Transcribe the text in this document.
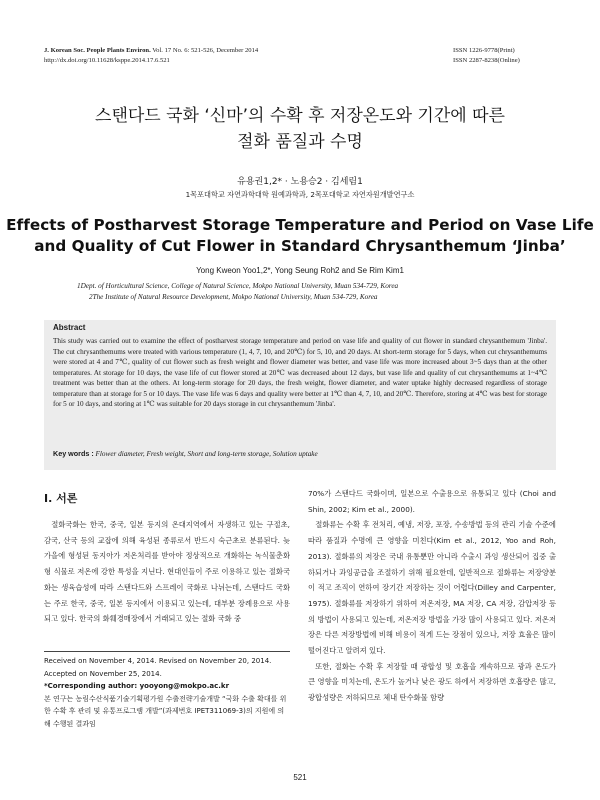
J. Korean Soc. People Plants Environ. Vol. 17 No. 6: 521-526, December 2014
http://dx.doi.org/10.11628/ksppe.2014.17.6.521
ISSN 1226-9778(Print)
ISSN 2287-8238(Online)
스탠다드 국화 ‘신마’의 수확 후 저장온도와 기간에 따른
절화 품질과 수명
유용권1,2* · 노용승2 · 김세림1
1목포대학교 자연과학대학 원예과학과, 2목포대학교 자연자원개발연구소
Effects of Postharvest Storage Temperature and Period on Vase Life
and Quality of Cut Flower in Standard Chrysanthemum ‘Jinba’
Yong Kweon Yoo1,2*, Yong Seung Roh2 and Se Rim Kim1
1Dept. of Horticultural Science, College of Natural Science, Mokpo National University, Muan 534-729, Korea
2The Institute of Natural Resource Development, Mokpo National University, Muan 534-729, Korea
Abstract
This study was carried out to examine the effect of postharvest storage temperature and period on vase life and quality of cut flower in standard chrysanthemum 'Jinba'. The cut chrysanthemums were treated with various temperature (1, 4, 7, 10, and 20℃) for 5, 10, and 20 days. At short-term storage for 5 days, when cut chrysanthemums were stored at 4 and 7℃, quality of cut flower such as fresh weight and flower diameter was better, and vase life was more increased about 3~5 days than at the other temperatures. At storage for 10 days, the vase life of cut flower stored at 20℃ was decreased about 12 days, but vase life and quality of cut chrysanthemums at 1~4℃ treatment was better than at the others. At long-term storage for 20 days, the fresh weight, flower diameter, and water uptake highly decreased regardless of storage temperature than at storage for 5 or 10 days. The vase life was 6 days and quality were better at 1℃ than 4, 7, 10, and 20℃. Therefore, storing at 4℃ was best for storage for 5 or 10 days, and storing at 1℃ was suitable for 20 days storage in cut chrysanthemum 'Jinba'.
Key words : Flower diameter, Fresh weight, Short and long-term storage, Solution uptake
Ⅰ. 서론

절화국화는 한국, 중국, 일본 등지의 온대지역에서 자생하고 있는 구절초, 감국, 산국 등의 교잡에 의해 육성된 종류로서 반드시 숙근초로 분류된다. 늦가을에 형성된 동지아가 저온처리를 받아야 정상적으로 개화하는 녹식물춘화형 식물로 저온에 강한 특성을 지닌다. 현대인들이 주로 이용하고 있는 절화국화는 생육습성에 따라 스탠다드와 스프레이 국화로 나뉘는데, 스탠다드 국화는 주로 한국, 중국, 일본 등지에서 이용되고 있는데, 대부분 장례용으로 사용되고 있다. 한국의 화훼경매장에서 거래되고 있는 절화 국화 중

Received on November 4, 2014. Revised on November 20, 2014. Accepted on November 25, 2014.
*Corresponding author: yooyong@mokpo.ac.kr
본 연구는 농림수산식품기술기획평가원 수출전략기술개발 “국화 수출 확대를 위한 수확 후 관리 및 유통프로그램 개발”(과제번호 IPET311069-3)의 지원에 의해 수행된 결과임

70%가 스탠다드 국화이며, 일본으로 수출용으로 유통되고 있다 (Choi and Shin, 2002; Kim et al., 2000).

절화류는 수확 후 전처리, 예냉, 저장, 포장, 수송방법 등의 관리 기술 수준에 따라 품질과 수명에 큰 영향을 미친다(Kim et al., 2012, Yoo and Roh, 2013). 절화류의 저장은 국내 유통뿐만 아니라 수출시 과잉 생산되어 집중 출하되거나 과잉공급을 조절하기 위해 필요한데, 일반적으로 절화류는 저장양분이 적고 조직이 연하여 장기간 저장하는 것이 어렵다(Dilley and Carpenter, 1975). 절화류를 저장하기 위하여 저온저장, MA 저장, CA 저장, 감압저장 등의 방법이 사용되고 있는데, 저온저장 방법을 가장 많이 사용되고 있다. 저온저장은 다른 저장방법에 비해 비용이 적게 드는 장점이 있으나, 저장 효율은 많이 떨어진다고 알려져 있다.

또한, 절화는 수확 후 저장할 때 광합성 및 호흡을 계속하므로 광과 온도가 큰 영향을 미치는데, 온도가 높거나 낮은 광도 하에서 저장하면 호흡량은 많고, 광합성량은 저하되므로 체내 탄수화물 함량

521
